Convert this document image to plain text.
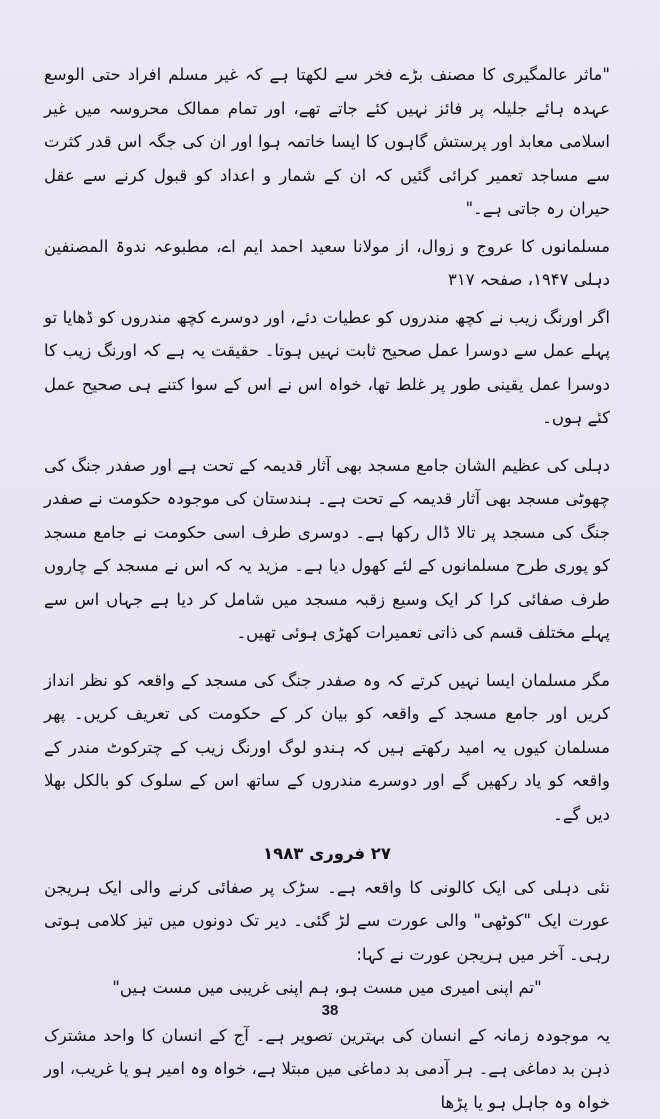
"ماثر عالمگیری کا مصنف بڑے فخر سے لکھتا ہے کہ غیر مسلم افراد حتی الوسع عہدہ ہائے جلیلہ پر فائز نہیں کئے جاتے تھے، اور تمام ممالک محروسہ میں غیر اسلامی معابد اور پرستش گاہوں کا ایسا خاتمہ ہوا اور ان کی جگہ اس قدر کثرت سے مساجد تعمیر کرائی گئیں کہ ان کے شمار و اعداد کو قبول کرنے سے عقل حیران رہ جاتی ہے۔"

مسلمانوں کا عروج و زوال، از مولانا سعید احمد ایم اے، مطبوعہ ندوۃ المصنفین دہلی ۱۹۴۷، صفحہ ۳۱۷

اگر اورنگ زیب نے کچھ مندروں کو عطیات دئے، اور دوسرے کچھ مندروں کو ڈھایا تو پہلے عمل سے دوسرا عمل صحیح ثابت نہیں ہوتا۔ حقیقت یہ ہے کہ اورنگ زیب کا دوسرا عمل یقینی طور پر غلط تھا، خواہ اس نے اس کے سوا کتنے ہی صحیح عمل کئے ہوں۔

دہلی کی عظیم الشان جامع مسجد بھی آثار قدیمہ کے تحت ہے اور صفدر جنگ کی چھوٹی مسجد بھی آثار قدیمہ کے تحت ہے۔ ہندستان کی موجودہ حکومت نے صفدر جنگ کی مسجد پر تالا ڈال رکھا ہے۔ دوسری طرف اسی حکومت نے جامع مسجد کو پوری طرح مسلمانوں کے لئے کھول دیا ہے۔ مزید یہ کہ اس نے مسجد کے چاروں طرف صفائی کرا کر ایک وسیع زقبہ مسجد میں شامل کر دیا ہے جہاں اس سے پہلے مختلف قسم کی ذاتی تعمیرات کھڑی ہوئی تھیں۔

مگر مسلمان ایسا نہیں کرتے کہ وہ صفدر جنگ کی مسجد کے واقعہ کو نظر انداز کریں اور جامع مسجد کے واقعہ کو بیان کر کے حکومت کی تعریف کریں۔ پھر مسلمان کیوں یہ امید رکھتے ہیں کہ ہندو لوگ اورنگ زیب کے چترکوٹ مندر کے واقعہ کو یاد رکھیں گے اور دوسرے مندروں کے ساتھ اس کے سلوک کو بالکل بھلا دیں گے۔

۲۷ فروری ۱۹۸۳

نئی دہلی کی ایک کالونی کا واقعہ ہے۔ سڑک پر صفائی کرنے والی ایک ہریجن عورت ایک "کوٹھی" والی عورت سے لڑ گئی۔ دیر تک دونوں میں تیز کلامی ہوتی رہی۔ آخر میں ہریجن عورت نے کہا:

"تم اپنی امیری میں مست ہو، ہم اپنی غریبی میں مست ہیں"

یہ موجودہ زمانہ کے انسان کی بہترین تصویر ہے۔ آج کے انسان کا واحد مشترک ذہن بد دماغی ہے۔ ہر آدمی بد دماغی میں مبتلا ہے، خواہ وہ امیر ہو یا غریب، اور خواہ وہ جاہل ہو یا پڑھا

38
